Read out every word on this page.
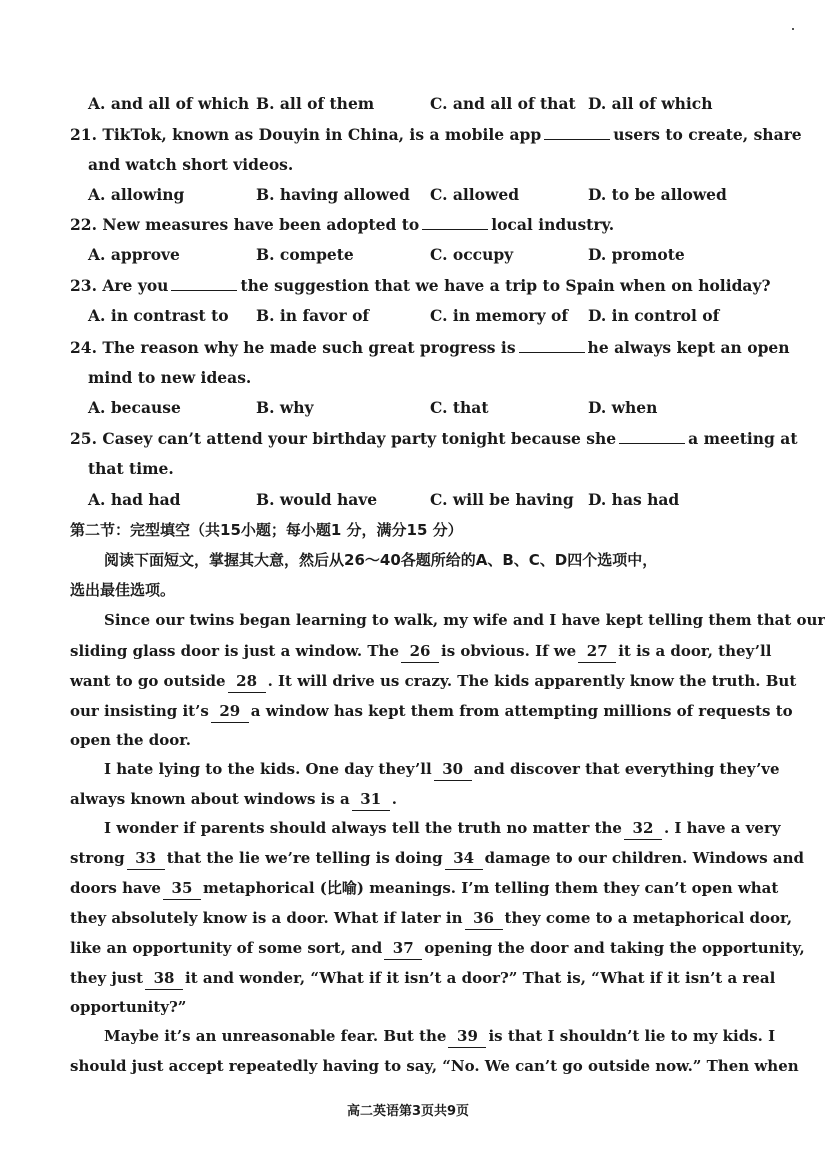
A. and all of which B. all of them	C. and all of that D. all of which
21. TikTok, known as Douyin in China, is a mobile app	users to create, share
and watch short videos.
A. allowing	B. having allowed	C. allowed	D. to be allowed
22. New measures have been adopted to	local industry.
A. approve	B. compete	C. occupy	D. promote
23. Are you	the suggestion that we have a trip to Spain when on holiday?
A. in contrast to	B. in favor of	C. in memory of	D. in control of
24. The reason why he made such great progress is	he always kept an open
mind to new ideas.
A. because	B. why	C. that	D. when
25. Casey can’t attend your birthday party tonight because she	a meeting at
that time.
A. had had	B. would have	C. will be having D. has had
第二节：完型填空（共15小题；每小题1 分，满分15 分）
阅读下面短文，掌握其大意，然后从26～40各题所给的A、B、C、D四个选项中，
选出最佳选项。
Since our twins began learning to walk, my wife and I have kept telling them that our
sliding glass door is just a window. The 26 is obvious. If we 27 it is a door, they’ll
want to go outside 28 . It will drive us crazy. The kids apparently know the truth. But
our insisting it’s 29 a window has kept them from attempting millions of requests to
open the door.
I hate lying to the kids. One day they’ll 30 and discover that everything they’ve
always known about windows is a 31 .
I wonder if parents should always tell the truth no matter the 32 . I have a very
strong 33 that the lie we’re telling is doing 34 damage to our children. Windows and
doors have 35 metaphorical (比喻) meanings. I’m telling them they can’t open what
they absolutely know is a door. What if later in 36 they come to a metaphorical door,
like an opportunity of some sort, and 37 opening the door and taking the opportunity,
they just 38 it and wonder, “What if it isn’t a door?” That is, “What if it isn’t a real
opportunity?”
Maybe it’s an unreasonable fear. But the 39 is that I shouldn’t lie to my kids. I
should just accept repeatedly having to say, “No. We can’t go outside now.” Then when
高二英语第3页共9页
